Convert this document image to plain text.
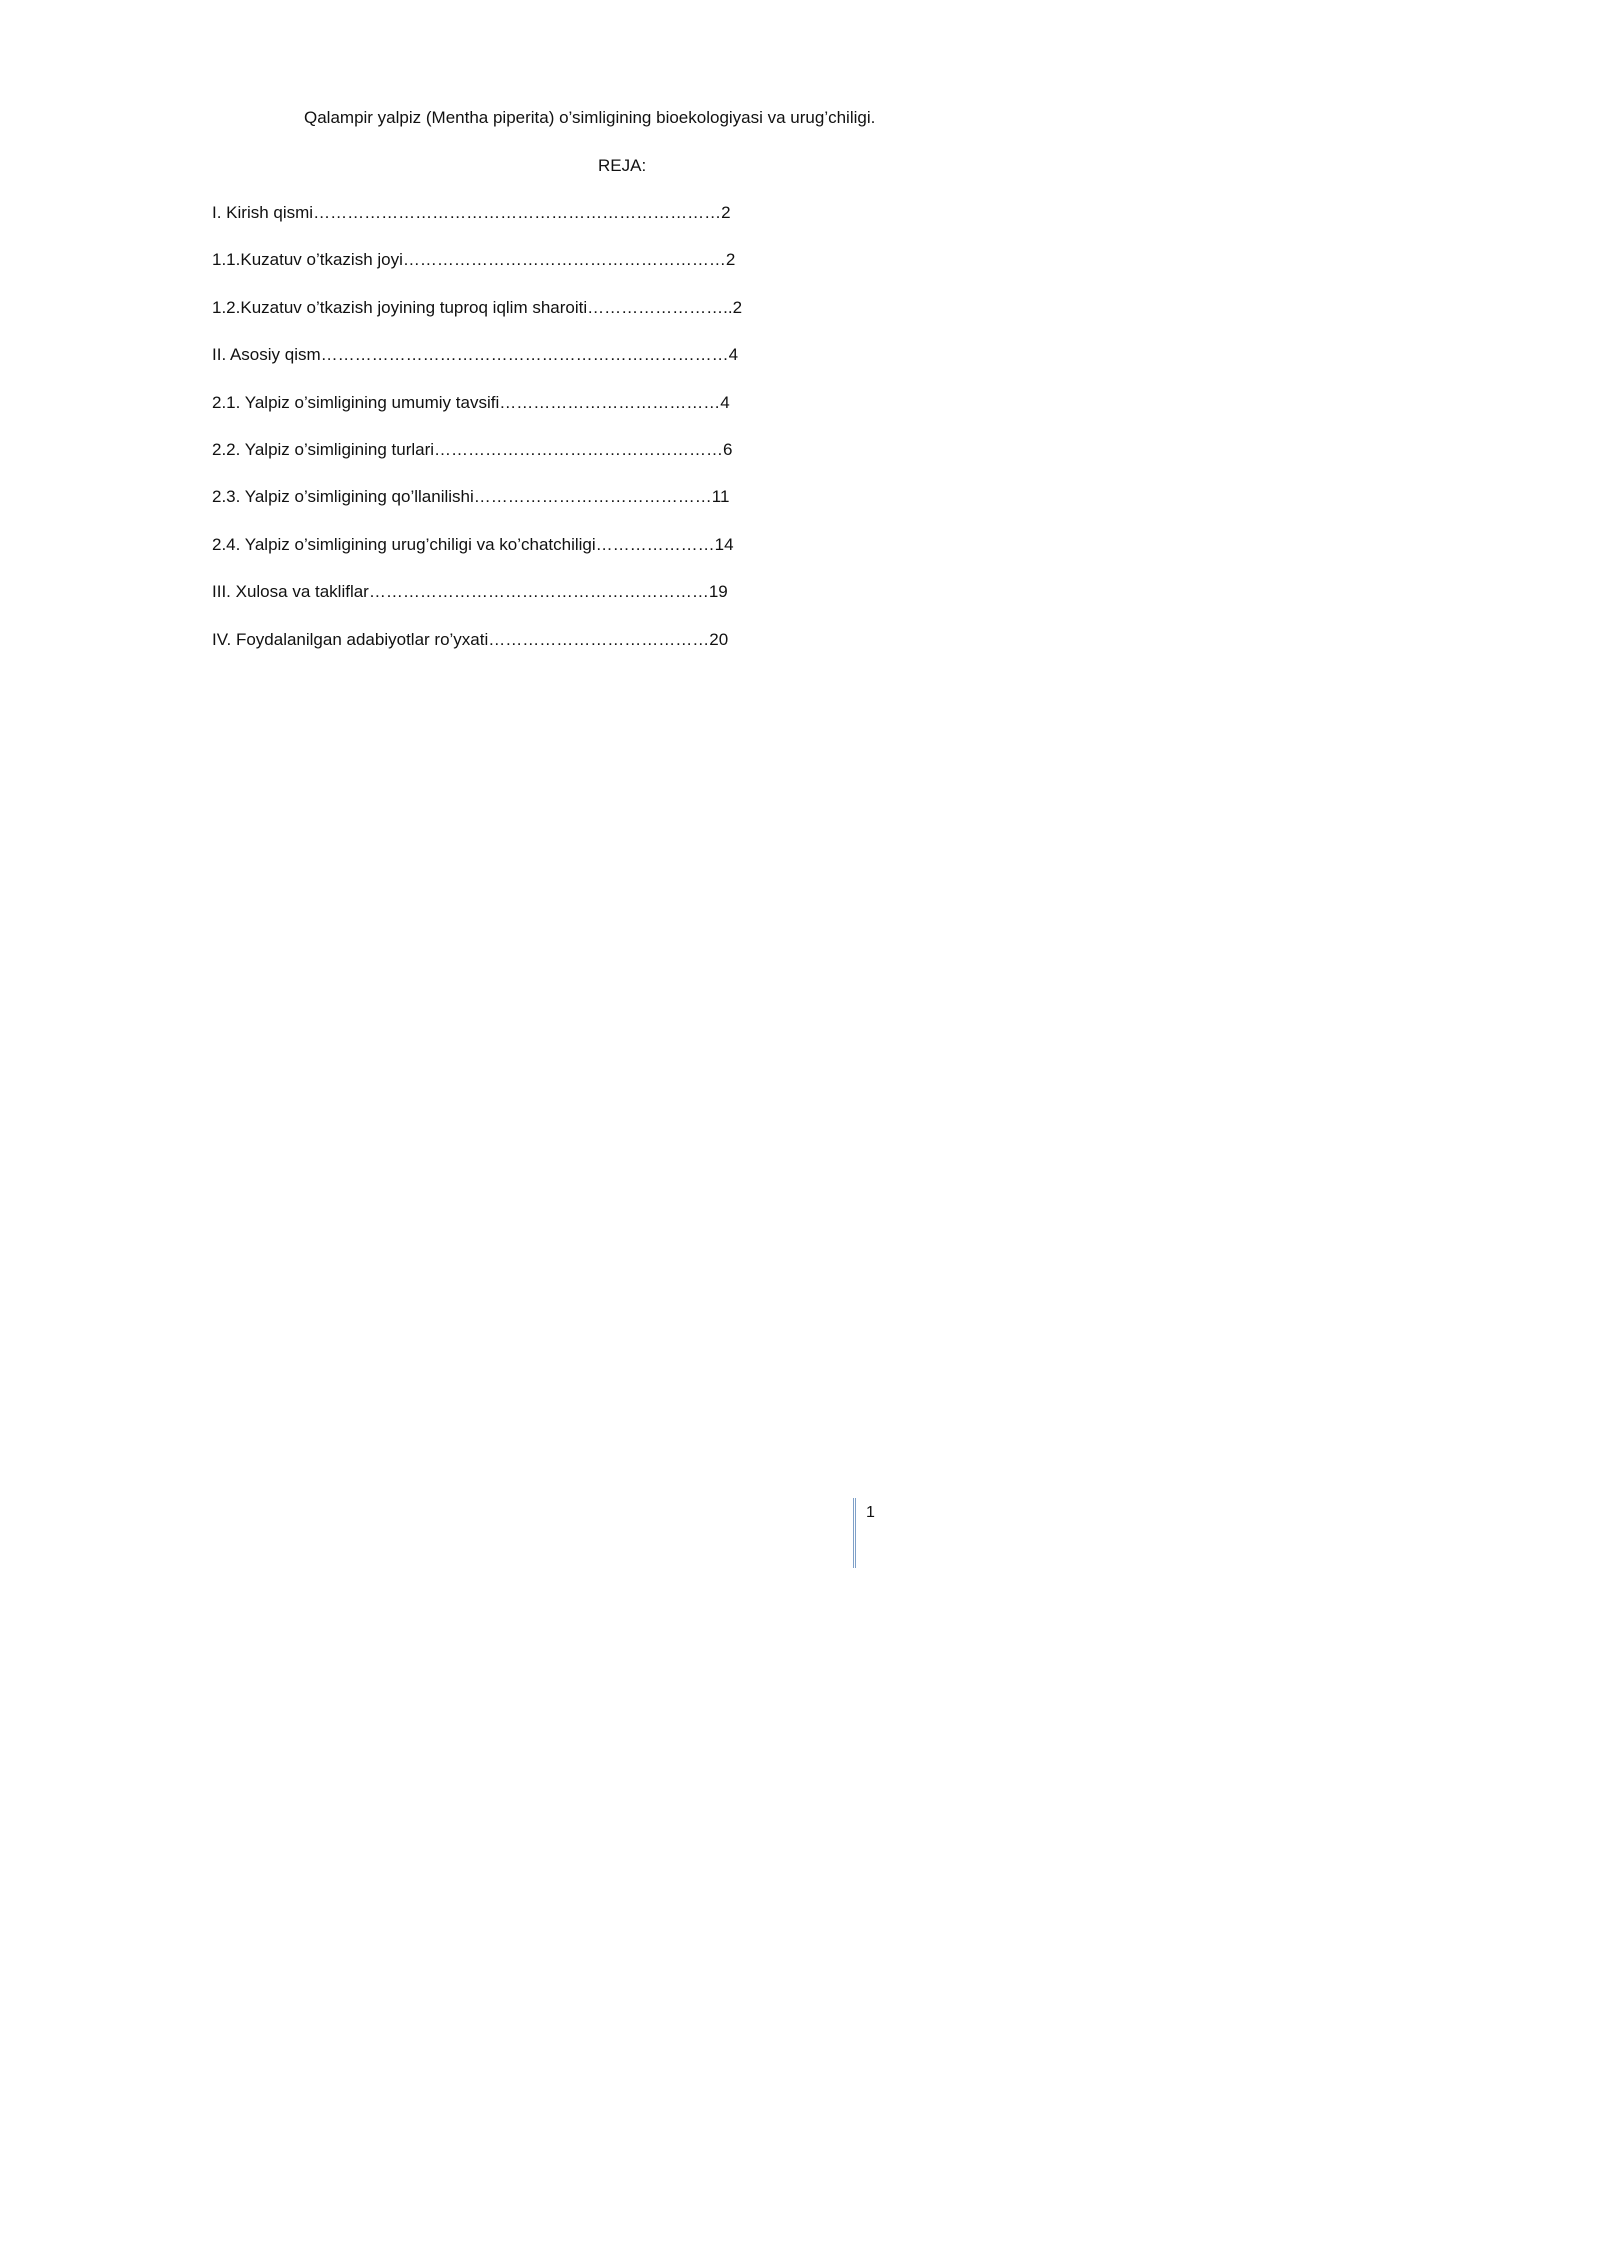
Qalampir yalpiz (Mentha piperita) o’simligining bioekologiyasi va urug’chiligi.
REJA:
I. Kirish qismi………………………………………………………………2
1.1.Kuzatuv o’tkazish joyi…………………………………………………2
1.2.Kuzatuv o’tkazish joyining tuproq iqlim sharoiti……………………..2
II. Asosiy qism………………………………………………………………4
2.1. Yalpiz o’simligining umumiy tavsifi…………………………………4
2.2. Yalpiz o’simligining turlari……………………………………………6
2.3. Yalpiz o’simligining qo’llanilishi……………………………………11
2.4. Yalpiz o’simligining urug’chiligi va ko’chatchiligi…………………14
III. Xulosa va takliflar……………………………………………………19
IV. Foydalanilgan adabiyotlar ro’yxati…………………………………20
1
